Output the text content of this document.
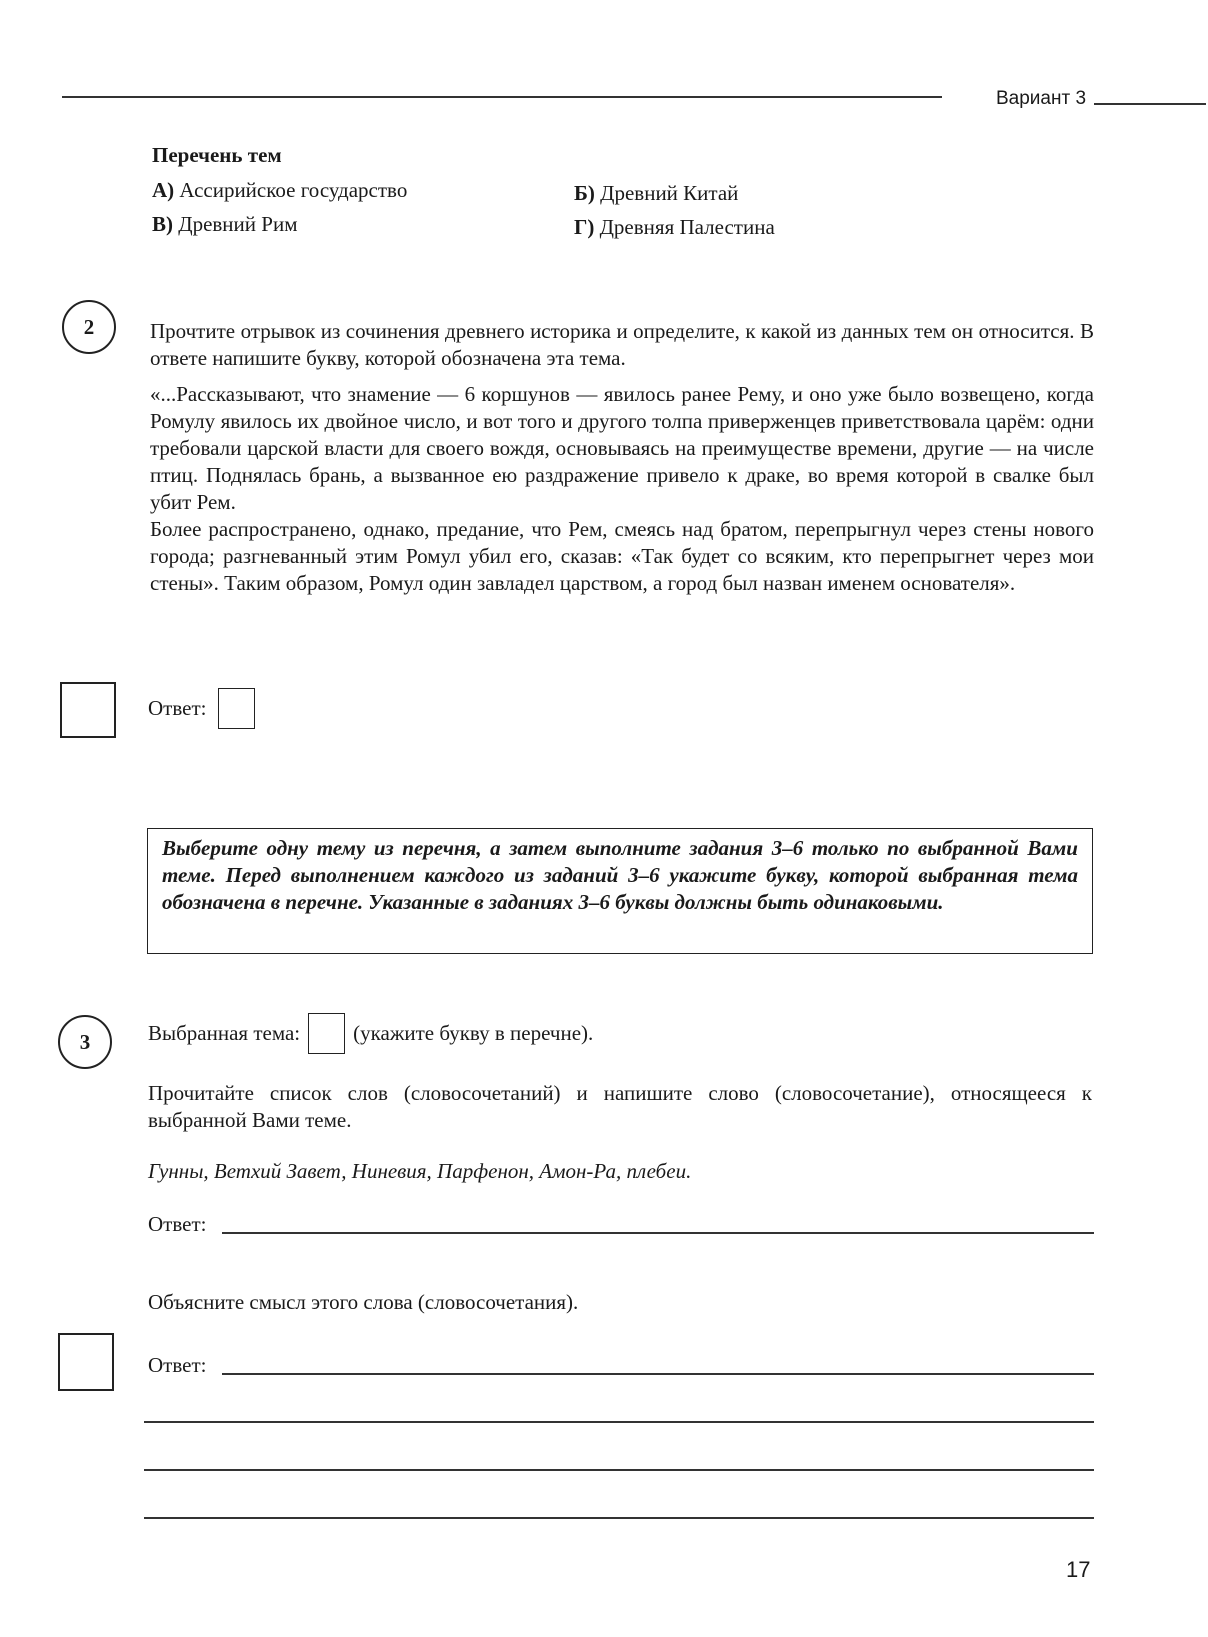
Вариант 3
Перечень тем
А) Ассирийское государство	Б) Древний Китай
В) Древний Рим	Г) Древняя Палестина
2	Прочтите отрывок из сочинения древнего историка и определите, к какой из данных тем он относится. В ответе напишите букву, которой обозначена эта тема.
«...Рассказывают, что знамение — 6 коршунов — явилось ранее Рему, и оно уже было возвещено, когда Ромулу явилось их двойное число, и вот того и другого толпа приверженцев приветствовала царём: одни требовали царской власти для своего вождя, основываясь на преимуществе времени, другие — на числе птиц. Поднялась брань, а вызванное ею раздражение привело к драке, во время которой в свалке был убит Рем.
Более распространено, однако, предание, что Рем, смеясь над братом, перепрыгнул через стены нового города; разгневанный этим Ромул убил его, сказав: «Так будет со всяким, кто перепрыгнет через мои стены». Таким образом, Ромул один завладел царством, а город был назван именем основателя».
Ответ:
Выберите одну тему из перечня, а затем выполните задания 3–6 только по выбранной Вами теме. Перед выполнением каждого из заданий 3–6 укажите букву, которой выбранная тема обозначена в перечне. Указанные в заданиях 3–6 буквы должны быть одинаковыми.
3	Выбранная тема:	(укажите букву в перечне).
Прочитайте список слов (словосочетаний) и напишите слово (словосочетание), относящееся к выбранной Вами теме.
Гунны, Ветхий Завет, Ниневия, Парфенон, Амон-Ра, плебеи.
Ответ:
Объясните смысл этого слова (словосочетания).
Ответ:
17
